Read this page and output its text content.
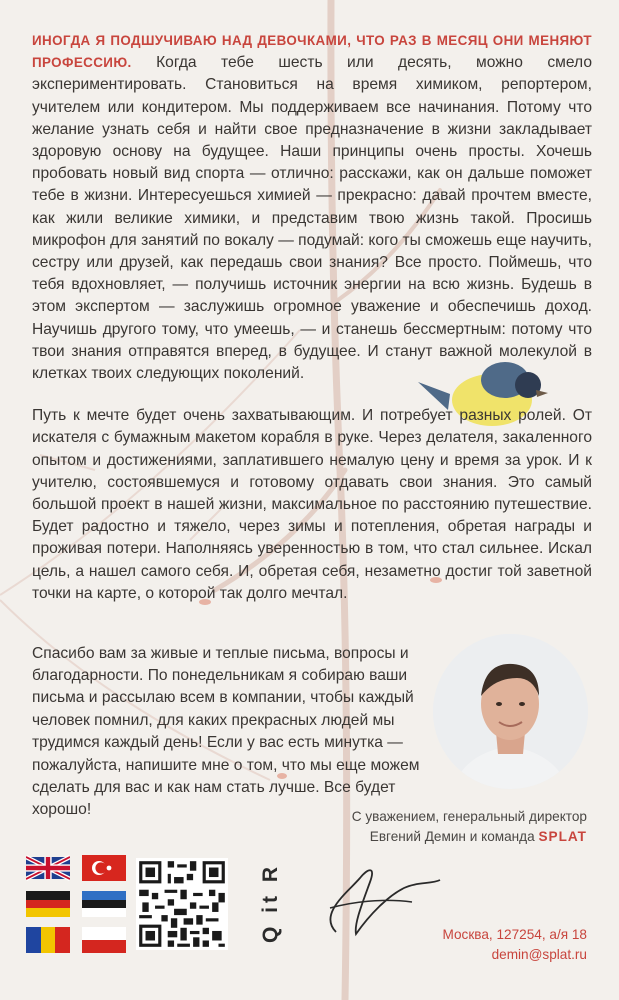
ИНОГДА Я ПОДШУЧИВАЮ НАД ДЕВОЧКАМИ, ЧТО РАЗ В МЕСЯЦ ОНИ МЕНЯЮТ ПРОФЕССИЮ. Когда тебе шесть или десять, можно смело экспериментировать. Становиться на время химиком, репортером, учителем или кондитером. Мы поддерживаем все начинания. Потому что желание узнать себя и найти свое предназначение в жизни закладывает здоровую основу на будущее. Наши принципы очень просты. Хочешь пробовать новый вид спорта — отлично: расскажи, как он дальше поможет тебе в жизни. Интересуешься химией — прекрасно: давай прочтем вместе, как жили великие химики, и представим твою жизнь такой. Просишь микрофон для занятий по вокалу — подумай: кого ты сможешь еще научить, сестру или друзей, как передашь свои знания? Все просто. Поймешь, что тебя вдохновляет, — получишь источник энергии на всю жизнь. Будешь в этом экспертом — заслужишь огромное уважение и обеспечишь доход. Научишь другого тому, что умеешь, — и станешь бессмертным: потому что твои знания отправятся вперед, в будущее. И станут важной молекулой в клетках твоих следующих поколений.

Путь к мечте будет очень захватывающим. И потребует разных ролей. От искателя с бумажным макетом корабля в руке. Через делателя, закаленного опытом и достижениями, заплатившего немалую цену и время за урок. И к учителю, состоявшемуся и готовому отдавать свои знания. Это самый большой проект в нашей жизни, максимальное по расстоянию путешествие. Будет радостно и тяжело, через зимы и потепления, обретая награды и проживая потери. Наполняясь уверенностью в том, что стал сильнее. Искал цель, а нашел самого себя. И, обретая себя, незаметно достиг той заветной точки на карте, о которой так долго мечтал.

Спасибо вам за живые и теплые письма, вопросы и благодарности. По понедельникам я собираю ваши письма и рассылаю всем в компании, чтобы каждый человек помнил, для каких прекрасных людей мы трудимся каждый день! Если у вас есть минутка — пожалуйста, напишите мне о том, что мы еще можем сделать для вас и как нам стать лучше. Все будет хорошо!	С уважением, генеральный директор
Евгений Демин и команда SPLAT
Москва, 127254, а/я 18
demin@splat.ru
Q it R
